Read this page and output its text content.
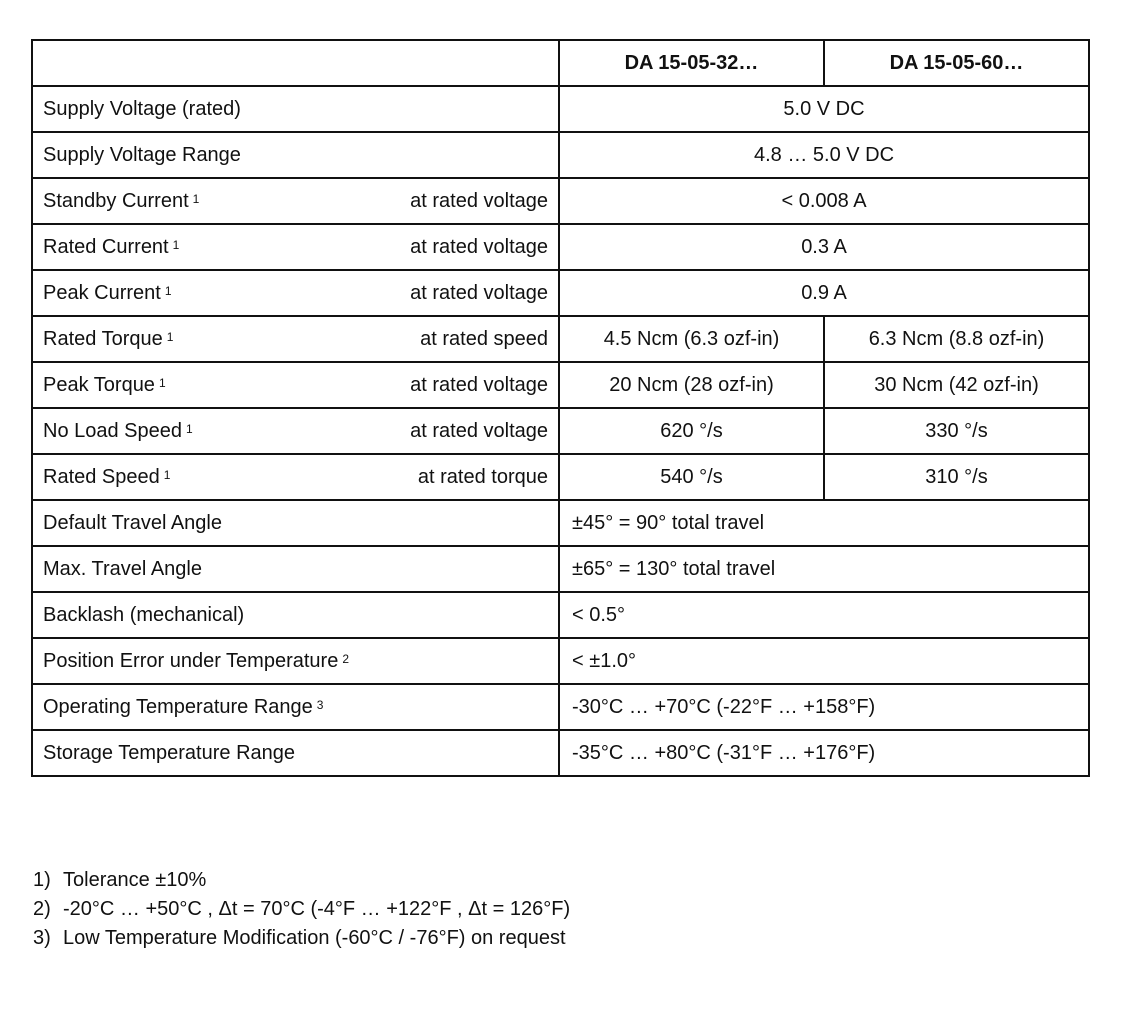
	DA 15-05-32…	DA 15-05-60…

Supply Voltage (rated)	5.0 V DC	

Supply Voltage Range	4.8 … 5.0 V DC	

Standby Current $^1$ at rated voltage	< 0.008 A	

Rated Current $^1$ at rated voltage	0.3 A	

Peak Current $^1$ at rated voltage	0.9 A	

Rated Torque $^1$ at rated speed	4.5 Ncm (6.3 ozf-in)	6.3 Ncm (8.8 ozf-in)

Peak Torque $^1$ at rated voltage	20 Ncm (28 ozf-in)	30 Ncm (42 ozf-in)

No Load Speed $^1$ at rated voltage	620 °/s	330 °/s

Rated Speed $^1$ at rated torque	540 °/s	310 °/s

Default Travel Angle	±45° = 90° total travel	

Max. Travel Angle	±65° = 130° total travel	

Backlash (mechanical)	< 0.5°	

Position Error under Temperature $^2$	< ±1.0°	

Operating Temperature Range $^3$	-30°C … +70°C (-22°F … +158°F)	

Storage Temperature Range	-35°C … +80°C (-31°F … +176°F)	
1) Tolerance ±10%
2) -20°C … +50°C , Δt = 70°C (-4°F … +122°F , Δt = 126°F)
3) Low Temperature Modification (-60°C / -76°F) on request
